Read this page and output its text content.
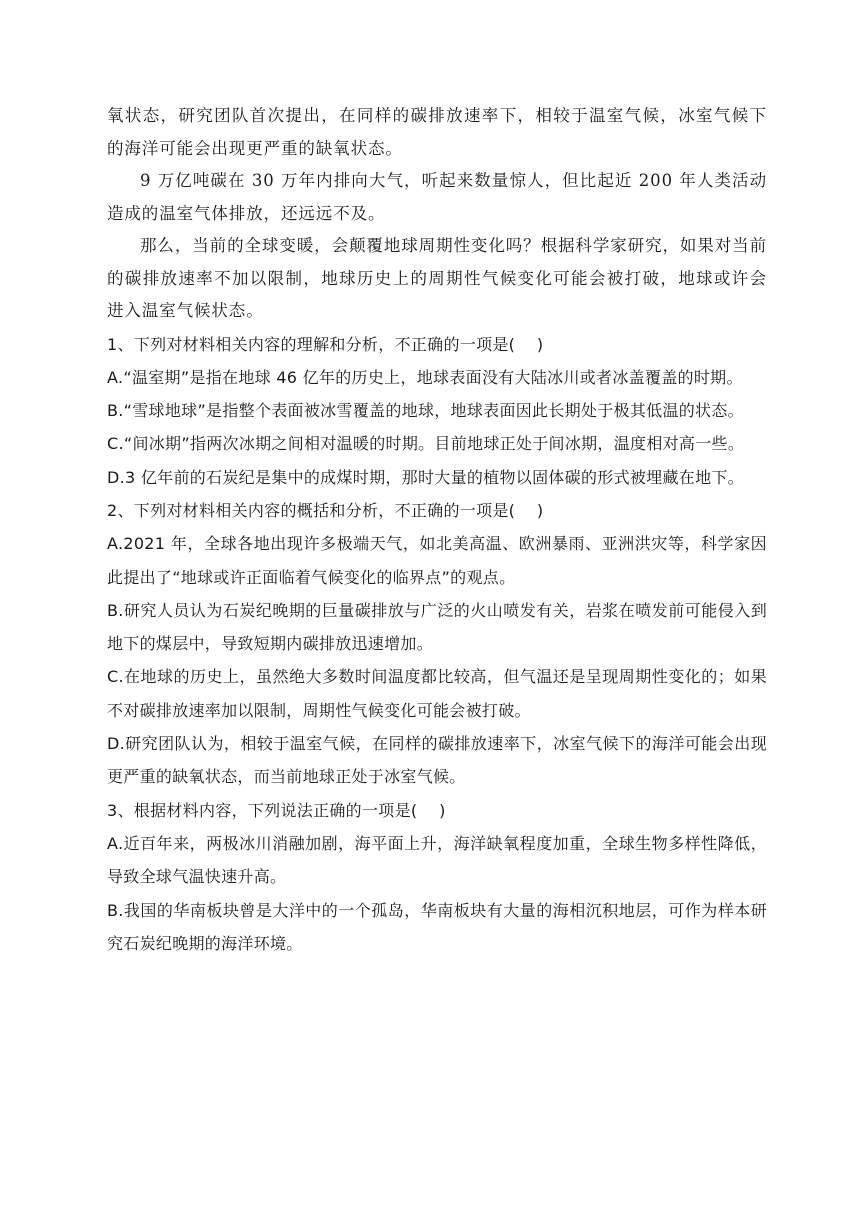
氧状态，研究团队首次提出，在同样的碳排放速率下，相较于温室气候，冰室气候下的海洋可能会出现更严重的缺氧状态。

9 万亿吨碳在 30 万年内排向大气，听起来数量惊人，但比起近 200 年人类活动造成的温室气体排放，还远远不及。

那么，当前的全球变暖，会颠覆地球周期性变化吗？根据科学家研究，如果对当前的碳排放速率不加以限制，地球历史上的周期性气候变化可能会被打破，地球或许会进入温室气候状态。

1、下列对材料相关内容的理解和分析，不正确的一项是(　 )

A.“温室期”是指在地球 46 亿年的历史上，地球表面没有大陆冰川或者冰盖覆盖的时期。

B.“雪球地球”是指整个表面被冰雪覆盖的地球，地球表面因此长期处于极其低温的状态。

C.“间冰期”指两次冰期之间相对温暖的时期。目前地球正处于间冰期，温度相对高一些。

D.3 亿年前的石炭纪是集中的成煤时期，那时大量的植物以固体碳的形式被埋藏在地下。

2、下列对材料相关内容的概括和分析，不正确的一项是(　 )

A.2021 年，全球各地出现许多极端天气，如北美高温、欧洲暴雨、亚洲洪灾等，科学家因此提出了“地球或许正面临着气候变化的临界点”的观点。

B.研究人员认为石炭纪晚期的巨量碳排放与广泛的火山喷发有关，岩浆在喷发前可能侵入到地下的煤层中，导致短期内碳排放迅速增加。

C.在地球的历史上，虽然绝大多数时间温度都比较高，但气温还是呈现周期性变化的；如果不对碳排放速率加以限制，周期性气候变化可能会被打破。

D.研究团队认为，相较于温室气候，在同样的碳排放速率下，冰室气候下的海洋可能会出现更严重的缺氧状态，而当前地球正处于冰室气候。

3、根据材料内容，下列说法正确的一项是(　 )

A.近百年来，两极冰川消融加剧，海平面上升，海洋缺氧程度加重，全球生物多样性降低，导致全球气温快速升高。

B.我国的华南板块曾是大洋中的一个孤岛，华南板块有大量的海相沉积地层，可作为样本研究石炭纪晚期的海洋环境。
